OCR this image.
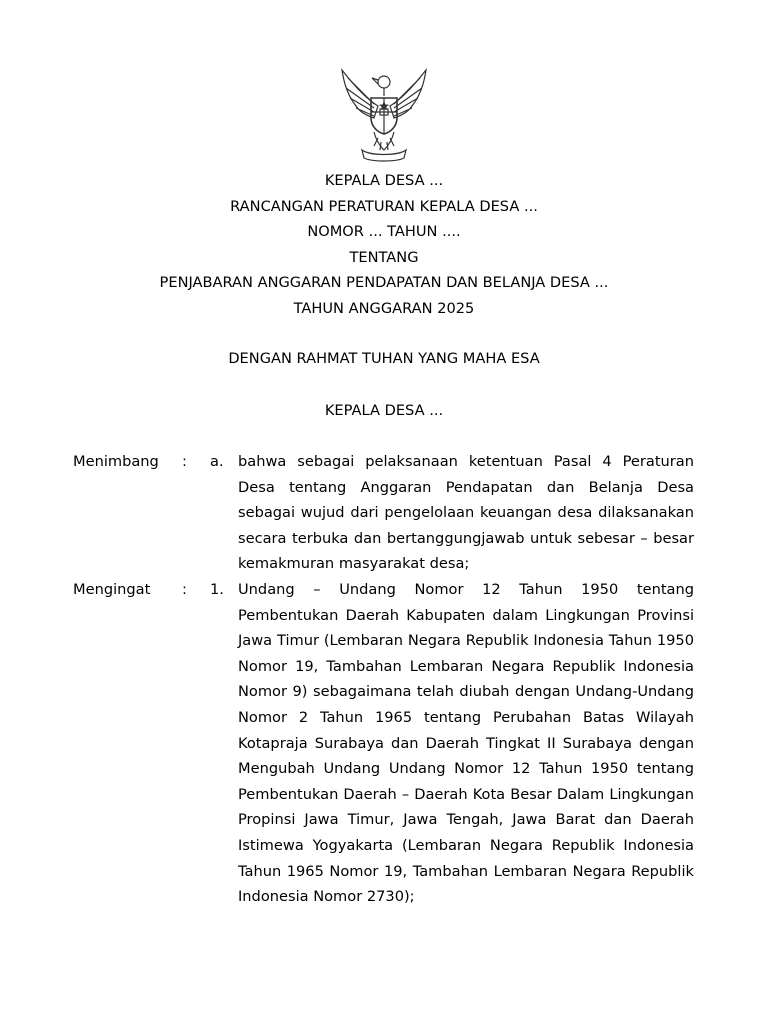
KEPALA DESA ...
RANCANGAN PERATURAN KEPALA DESA ...
NOMOR ... TAHUN ....
TENTANG
PENJABARAN ANGGARAN PENDAPATAN DAN BELANJA DESA ...
TAHUN ANGGARAN 2025
DENGAN RAHMAT TUHAN YANG MAHA ESA
KEPALA DESA ...
Menimbang : a. bahwa sebagai pelaksanaan ketentuan Pasal 4 Peraturan Desa tentang Anggaran Pendapatan dan Belanja Desa sebagai wujud dari pengelolaan keuangan desa dilaksanakan secara terbuka dan bertanggungjawab untuk sebesar – besar kemakmuran masyarakat desa;
Mengingat : 1. Undang – Undang Nomor 12 Tahun 1950 tentang Pembentukan Daerah Kabupaten dalam Lingkungan Provinsi Jawa Timur (Lembaran Negara Republik Indonesia Tahun 1950 Nomor 19, Tambahan Lembaran Negara Republik Indonesia Nomor 9) sebagaimana telah diubah dengan Undang-Undang Nomor 2 Tahun 1965 tentang Perubahan Batas Wilayah Kotapraja Surabaya dan Daerah Tingkat II Surabaya dengan Mengubah Undang Undang Nomor 12 Tahun 1950 tentang Pembentukan Daerah – Daerah Kota Besar Dalam Lingkungan Propinsi Jawa Timur, Jawa Tengah, Jawa Barat dan Daerah Istimewa Yogyakarta (Lembaran Negara Republik Indonesia Tahun 1965 Nomor 19, Tambahan Lembaran Negara Republik Indonesia Nomor 2730);
